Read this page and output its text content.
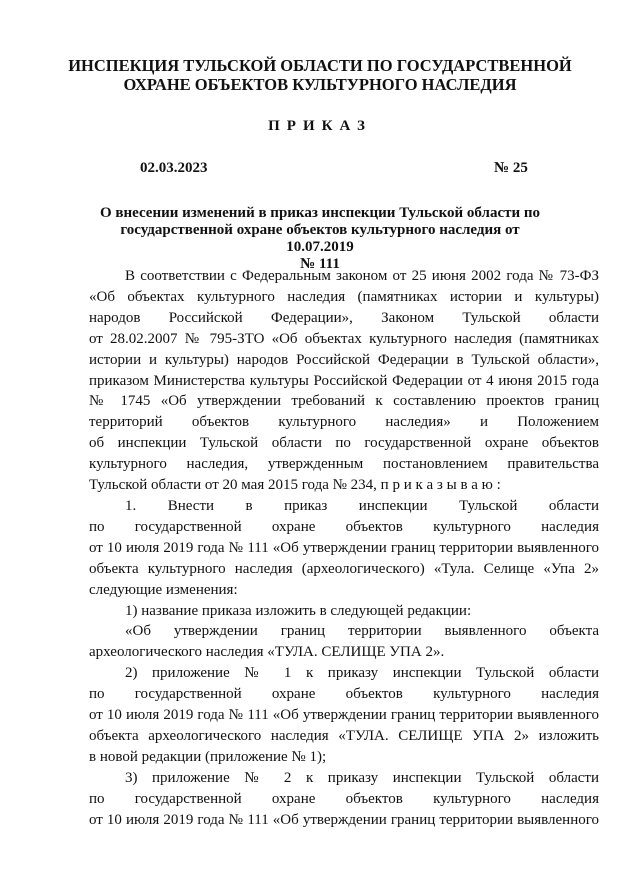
ИНСПЕКЦИЯ ТУЛЬСКОЙ ОБЛАСТИ ПО ГОСУДАРСТВЕННОЙ
ОХРАНЕ ОБЪЕКТОВ КУЛЬТУРНОГО НАСЛЕДИЯ
ПРИКАЗ
02.03.2023	№ 25
О внесении изменений в приказ инспекции Тульской области по
государственной охране объектов культурного наследия от 10.07.2019
№ 111

В соответствии с Федеральным законом от 25 июня 2002 года № 73-ФЗ

«Об объектах культурного наследия (памятниках истории и культуры)

народов Российской Федерации», Законом Тульской области

от 28.02.2007 № 795-ЗТО «Об объектах культурного наследия (памятниках

истории и культуры) народов Российской Федерации в Тульской области»,

приказом Министерства культуры Российской Федерации от 4 июня 2015 года

№ 1745 «Об утверждении требований к составлению проектов границ

территорий объектов культурного наследия» и Положением

об инспекции Тульской области по государственной охране объектов

культурного наследия, утвержденным постановлением правительства

Тульской области от 20 мая 2015 года № 234, п р и к а з ы в а ю :

1. Внести в приказ инспекции Тульской области

по государственной охране объектов культурного наследия

от 10 июля 2019 года № 111 «Об утверждении границ территории выявленного

объекта культурного наследия (археологического) «Тула. Селище «Упа 2»

следующие изменения:

1) название приказа изложить в следующей редакции:

«Об утверждении границ территории выявленного объекта

археологического наследия «ТУЛА. СЕЛИЩЕ УПА 2».

2) приложение № 1 к приказу инспекции Тульской области

по государственной охране объектов культурного наследия

от 10 июля 2019 года № 111 «Об утверждении границ территории выявленного

объекта археологического наследия «ТУЛА. СЕЛИЩЕ УПА 2» изложить

в новой редакции (приложение № 1);

3) приложение № 2 к приказу инспекции Тульской области

по государственной охране объектов культурного наследия

от 10 июля 2019 года № 111 «Об утверждении границ территории выявленного
